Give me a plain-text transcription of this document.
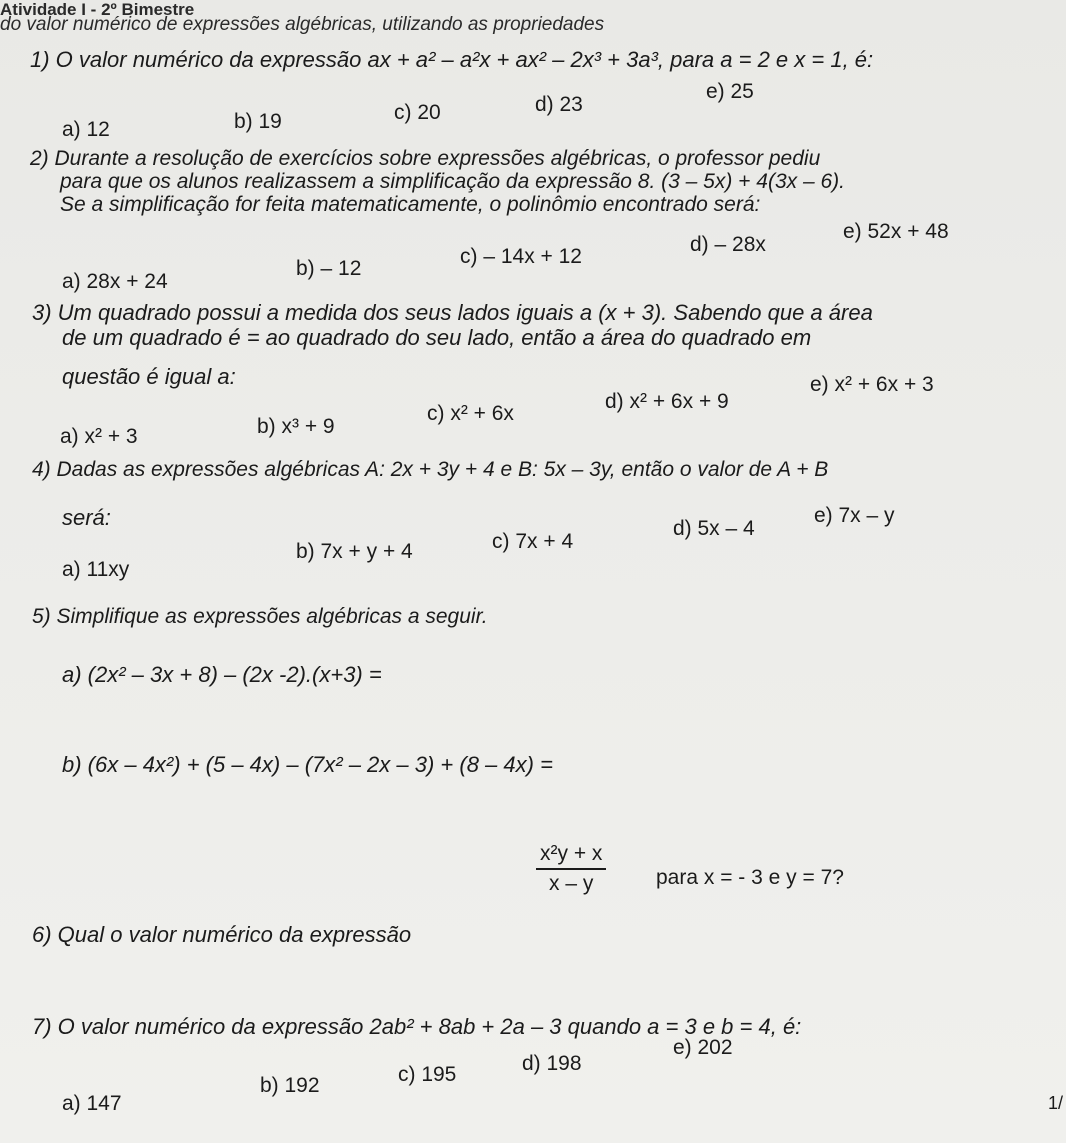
Atividade I - 2º Bimestre
do valor numérico de expressões algébricas, utilizando as propriedades
1) O valor numérico da expressão ax + a² – a²x + ax² – 2x³ + 3a³, para a = 2 e x = 1, é:
a) 12	b) 19	c) 20	d) 23
e) 25
2) Durante a resolução de exercícios sobre expressões algébricas, o professor pediu
para que os alunos realizassem a simplificação da expressão 8. (3 – 5x) + 4(3x – 6).
Se a simplificação for feita matematicamente, o polinômio encontrado será:
a) 28x + 24
b) – 12
c) – 14x + 12
d) – 28x
e) 52x + 48
3) Um quadrado possui a medida dos seus lados iguais a (x + 3). Sabendo que a área
de um quadrado é = ao quadrado do seu lado, então a área do quadrado em
questão é igual a:
a) x² + 3	b) x³ + 9
c) x² + 6x
d) x² + 6x + 9
e) x² + 6x + 3
4) Dadas as expressões algébricas A: 2x + 3y + 4 e B: 5x – 3y, então o valor de A + B
será:
a) 11xy
b) 7x + y + 4	c) 7x + 4
d) 5x – 4
e) 7x – y
5) Simplifique as expressões algébricas a seguir.
a) (2x² – 3x + 8) – (2x -2).(x+3) =
b) (6x – 4x²) + (5 – 4x) – (7x² – 2x – 3) + (8 – 4x) =
6) Qual o valor numérico da expressão
$\frac{\text{x²y + x}}{x - y}$ para x = - 3 e y = 7?
7) O valor numérico da expressão 2ab² + 8ab + 2a – 3 quando a = 3 e b = 4, é:
a) 147
b) 192	c) 195	d) 198
e) 202
1/
